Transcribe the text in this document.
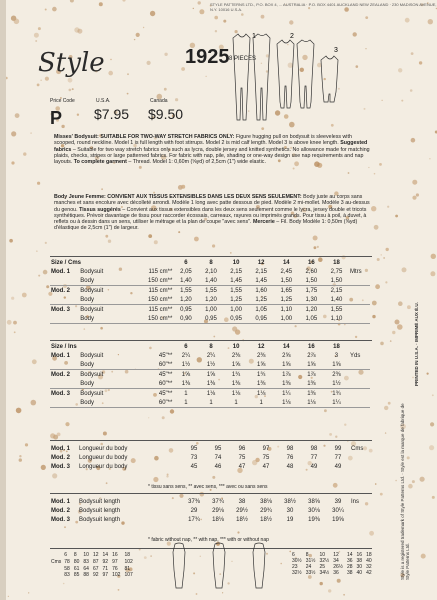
STYLE PATTERNS LTD., P.O. BOX 4, ... AUSTRALIA · P.O. BOX 4401 AUCKLAND NEW ZEALAND · 230 MADISON AVENUE, N.Y. 10016 U.S.A.
Style	1925 8 PIECES
1	2
3
Price Code	U.S.A.	Canada
P $7.95 $9.50
Misses' Bodysuit: SUITABLE FOR TWO-WAY STRETCH FABRICS ONLY: Figure hugging pull on bodysuit is sleeveless with scooped, round neckline. Model 1 is full length with foot stirrups. Model 2 is mid calf length. Model 3 is above knee length. Suggested fabrics – Suitable for two way stretch fabrics only such as lycra, double jersey and knitted synthetics. No allowance made for matching plaids, checks, stripes or large patterned fabrics. For fabric with nap, pile, shading or one-way design use nap requirements and nap layouts. To complete garment – Thread. Model 1: 0,60m (⅝yd) of 2,5cm (1") wide elastic.
Body Jeune Femme: CONVIENT AUX TISSUS EXTENSIBLES DANS LES DEUX SENS SEULEMENT: Body juste au corps sans manches et sans encolure avec décolleté arrondi. Modèle 1 long avec patte dessous de pied. Modèle 2 mi-mollet. Modèle 3 au-dessus du genou. Tissus suggérés – Convient aux tissus extensibles dans les deux sens seulement comme le lycra, jersey double et tricots synthétiques. Prévoir davantage de tissu pour raccorder écossais, carreaux, rayures ou imprimés grands. Pour tissu à poil, à duvet, à reflets ou à dessin dans un sens, utiliser le métrage et la plan de coupe "avec sens". Mercerie – Fil. Body Modèle 1: 0,50m (⅝yd) d'élastique de 2,5cm (1") de largeur.
Size / Cms			6	8	10	12	14	16	18	
Mod. 1	Bodysuit	115 cm**	2,05	2,10	2,15	2,15	2,45	2,60	2,75	Mtrs
	Body	150 cm**	1,40	1,40	1,45	1,45	1,50	1,50	1,50	
Mod. 2	Bodysuit	115 cm**	1,55	1,55	1,55	1,60	1,65	1,75	2,15	
	Body	150 cm**	1,20	1,20	1,25	1,25	1,25	1,30	1,40	
Mod. 3	Bodysuit	115 cm**	0,95	1,00	1,00	1,05	1,10	1,20	1,55	
	Body	150 cm**	0,90	0,95	0,95	0,95	1,00	1,05	1,10	
Size / Ins			6	8	10	12	14	16	18	
Mod. 1	Bodysuit	45"**	2¼	2¼	2⅜	2⅜	2⅝	2⅞	3	Yds
	Body	60"**	1½	1½	1⅝	1⅝	1⅝	1⅝	1⅝	
Mod. 2	Bodysuit	45"**	1⅝	1⅝	1¾	1¾	1⅞	1⅞	2⅜	
	Body	60"**	1⅜	1⅜	1⅜	1⅜	1⅜	1⅜	1½	
Mod. 3	Bodysuit	45"**	1	1⅛	1⅛	1⅛	1¼	1⅜	1¾	
	Body	60"**	1	1	1	1	1⅛	1⅛	1¼	
Mod. 1	Longueur du body	95	95	96	97	98	98	99	Cms
Mod. 2	Longueur du body	73	74	75	75	76	77	77	
Mod. 3	Longueur du body	45	46	47	47	48	49	49	
* tissu sans sens, ** avec sens, *** avec ou sans sens
Mod. 1	Bodysuit length	37⅜	37¾	38	38⅛	38½	38⅝	39	Ins
Mod. 2	Bodysuit length	29	29⅛	29½	29¾	30	30⅛	30¼	
Mod. 3	Bodysuit length	17¾	18⅛	18½	18½	19	19⅜	19⅝	
* fabric without nap, ** with nap, *** with or without nap
	6	8	10	12	14	16	18
Cms	78	80	83	87	92	97	102
	58	61	64	67	71	76	81
	83	85	88	92	97	102	107
PRINTED IN U.S.A. · IMPRIMÉ AUX É.U.
Style is a registered trademark of Style Patterns Ltd. · Style est la marque de fabrique de Style Patterns Ltd.
6	8	10	12	14	16	18
30½	31½	32½	34	36	38	40
23	24	25	26½	28	30	32
32½	33½	34½	36	38	40	42
